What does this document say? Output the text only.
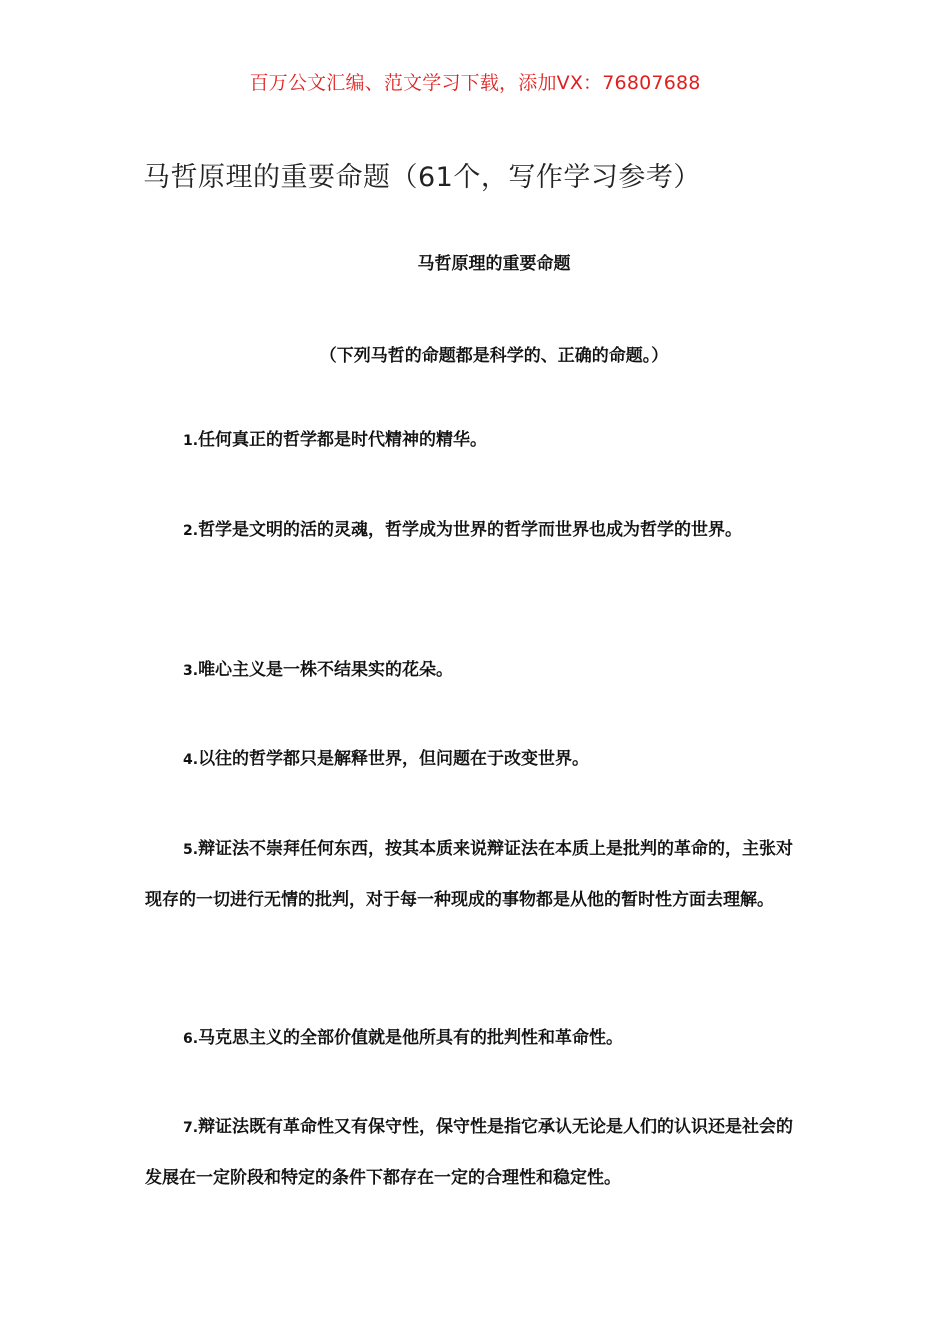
百万公文汇编、范文学习下载，添加VX：76807688
马哲原理的重要命题（61个，写作学习参考）
马哲原理的重要命题
（下列马哲的命题都是科学的、正确的命题。）

1.任何真正的哲学都是时代精神的精华。

2.哲学是文明的活的灵魂，哲学成为世界的哲学而世界也成为哲学的世界。

3.唯心主义是一株不结果实的花朵。

4.以往的哲学都只是解释世界，但问题在于改变世界。

5.辩证法不崇拜任何东西，按其本质来说辩证法在本质上是批判的革命的，主张对现存的一切进行无情的批判，对于每一种现成的事物都是从他的暂时性方面去理解。

6.马克思主义的全部价值就是他所具有的批判性和革命性。

7.辩证法既有革命性又有保守性，保守性是指它承认无论是人们的认识还是社会的发展在一定阶段和特定的条件下都存在一定的合理性和稳定性。
